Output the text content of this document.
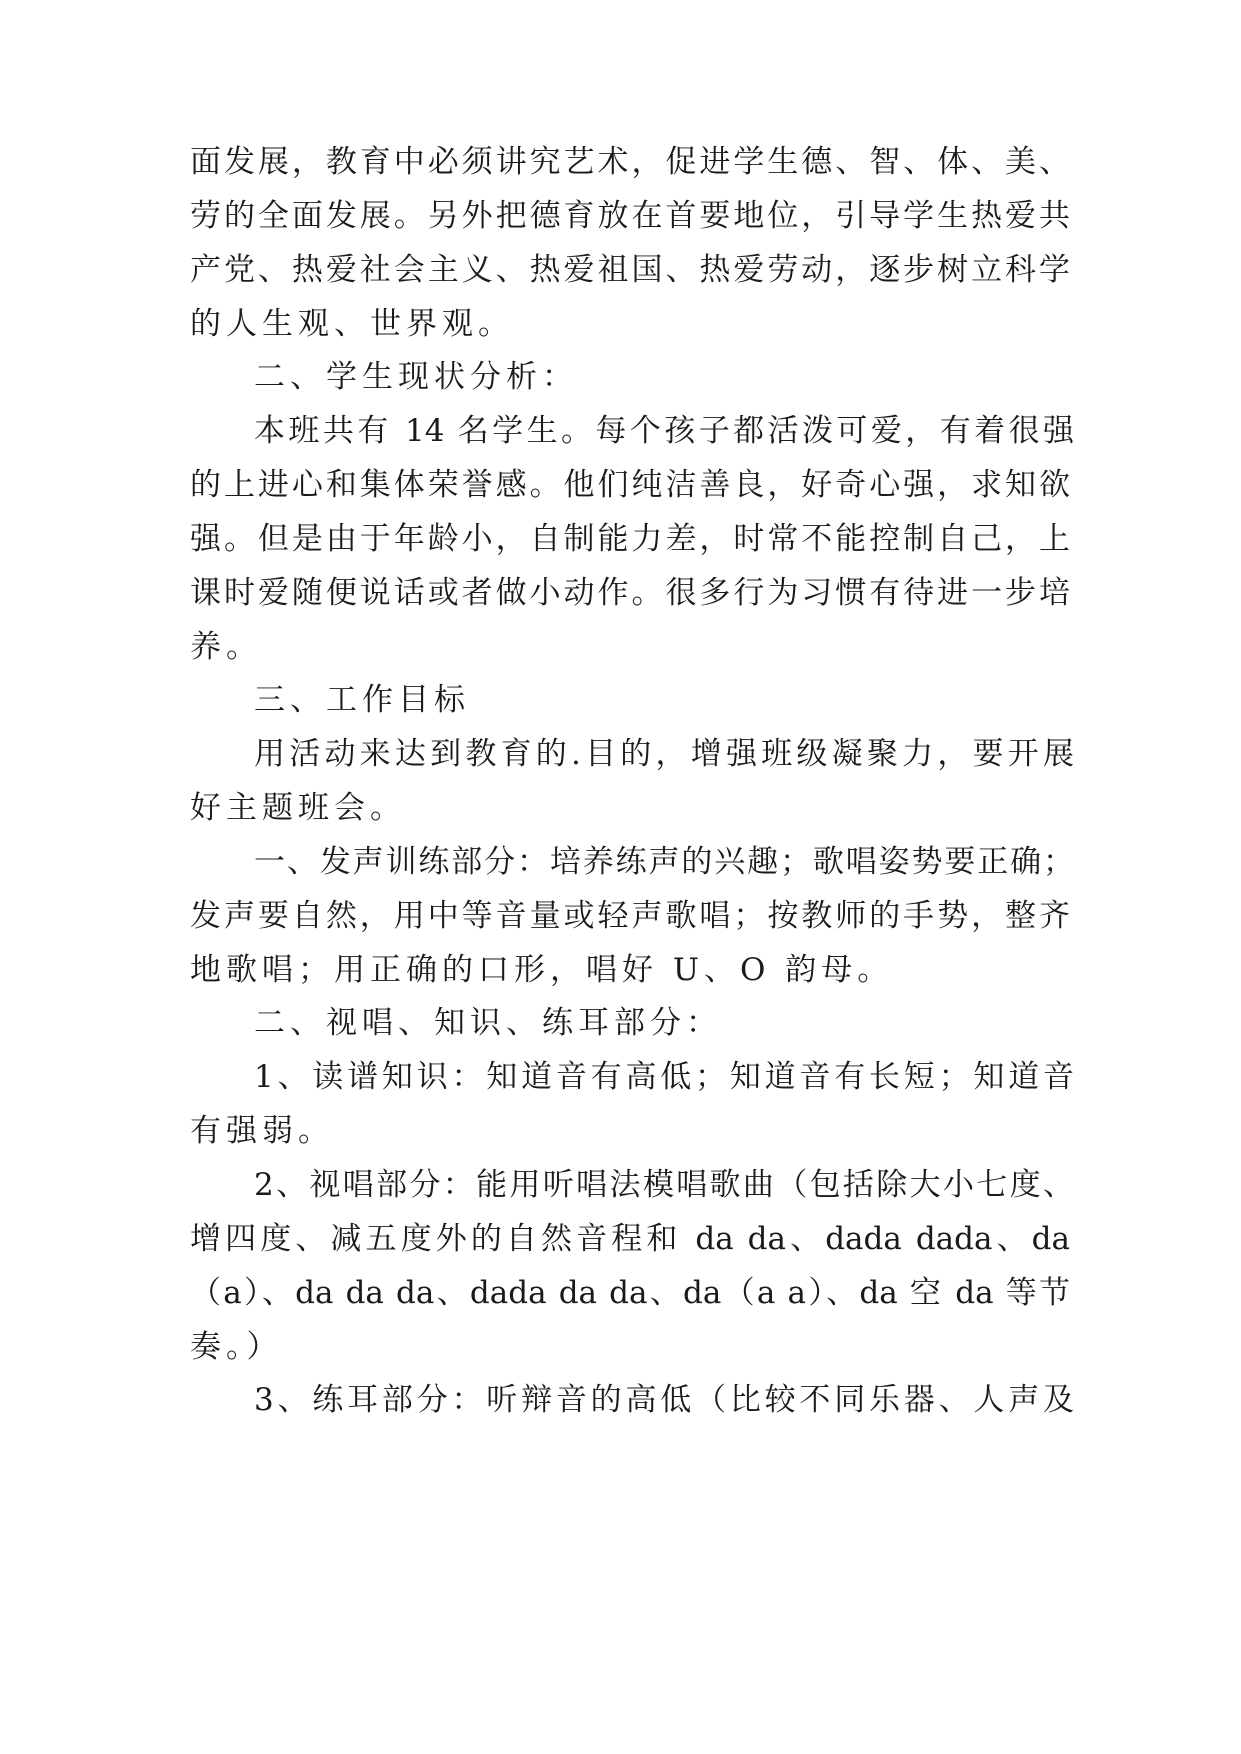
面发展，教育中必须讲究艺术，促进学生德、智、体、美、
劳的全面发展。另外把德育放在首要地位，引导学生热爱共
产党、热爱社会主义、热爱祖国、热爱劳动，逐步树立科学
的人生观、世界观。
二、学生现状分析：
本班共有 14 名学生。每个孩子都活泼可爱，有着很强
的上进心和集体荣誉感。他们纯洁善良，好奇心强，求知欲
强。但是由于年龄小，自制能力差，时常不能控制自己，上
课时爱随便说话或者做小动作。很多行为习惯有待进一步培
养。
三、工作目标
用活动来达到教育的.目的，增强班级凝聚力，要开展
好主题班会。
一、发声训练部分：培养练声的兴趣；歌唱姿势要正确；
发声要自然，用中等音量或轻声歌唱；按教师的手势，整齐
地歌唱；用正确的口形，唱好 U、O 韵母。
二、视唱、知识、练耳部分：
1、读谱知识：知道音有高低；知道音有长短；知道音
有强弱。
2、视唱部分：能用听唱法模唱歌曲（包括除大小七度、
增四度、减五度外的自然音程和 da da、dada dada、da
（a）、da da da、dada da da、da（a a）、da 空 da 等节
奏。）
3、练耳部分：听辩音的高低（比较不同乐器、人声及
